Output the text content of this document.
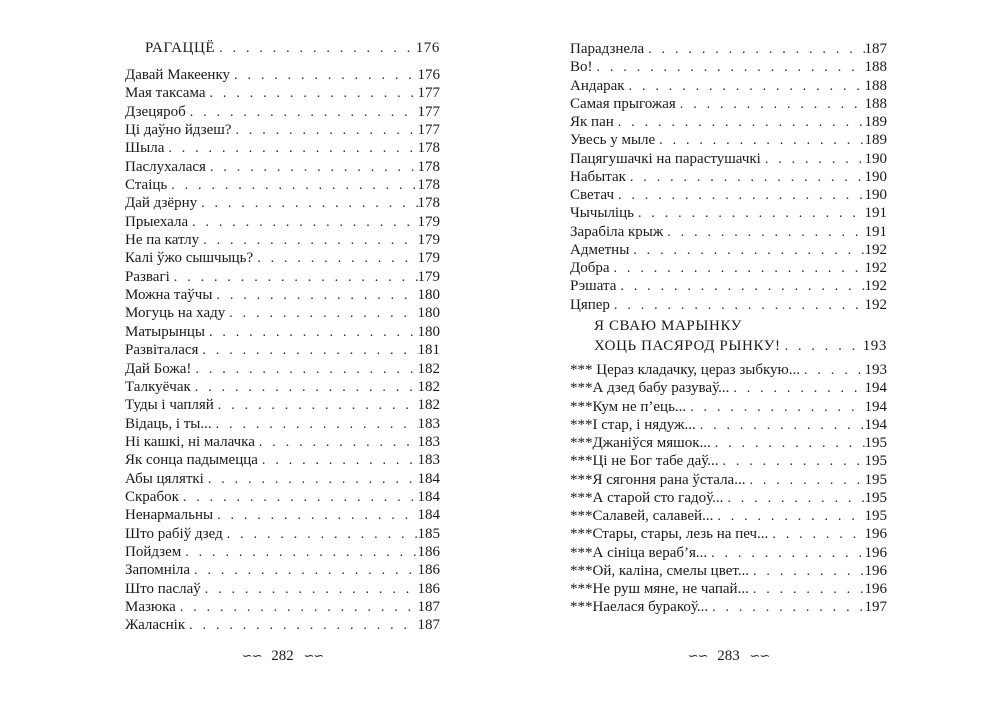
РАГАЦЦЁ . . .	176
Давай Макеенку . . .	176
Мая таксама . . .	177
Дзецяроб . . .	177
Ці даўно йдзеш? . . .	177
Шыла . . .	178
Паслухалася . . .	178
Стаіць . . .	178
Дай дзёрну . . .	178
Прыехала . . .	179
Не па катлу . . .	179
Калі ўжо сышчыць? . . .	179
Развагі . . .	179
Можна таўчы . . .	180
Могуць на хаду . . .	180
Матырынцы . . .	180
Развіталася . . .	181
Дай Божа! . . .	182
Талкуёчак . . .	182
Туды і чапляй . . .	182
Відаць, і ты... . . .	183
Ні кашкі, ні малачка . . .	183
Як сонца падымецца . . .	183
Абы цяляткі . . .	184
Скрабок . . .	184
Ненармальны . . .	184
Што рабіў дзед . . .	185
Пойдзем . . .	186
Запомніла . . .	186
Што паслаў . . .	186
Мазюка . . .	187
Жаласнік . . .	187
∽∽ 282 ∽∽
Парадзнела . . .	187
Во! . . .	188
Андарак . . .	188
Самая прыгожая . . .	188
Як пан . . .	189
Увесь у мыле . . .	189
Пацягушачкі на парастушачкі . . .	190
Набытак . . .	190
Светач . . .	190
Чычыліць . . .	191
Зарабіла крыж . . .	191
Адметны . . .	192
Добра . . .	192
Рэшата . . .	192
Цяпер . . .	192
Я СВАЮ МАРЫНКУ
ХОЦЬ ПАСЯРОД РЫНКУ! . . .	193
*** Цераз кладачку, цераз зыбкую... . . .	193
***А дзед бабу разуваў... . . .	194
***Кум не п’ець... . . .	194
***І стар, і нядуж... . . .	194
***Джаніўся мяшок... . . .	195
***Ці не Бог табе даў... . . .	195
***Я сягоння рана ўстала... . . .	195
***А старой сто гадоў... . . .	195
***Салавей, салавей... . . .	195
***Стары, стары, лезь на печ... . . .	196
***А сініца вераб’я... . . .	196
***Ой, каліна, смелы цвет... . . .	196
***Не руш мяне, не чапай... . . .	196
***Наелася буракоў... . . .	197
∽∽ 283 ∽∽
